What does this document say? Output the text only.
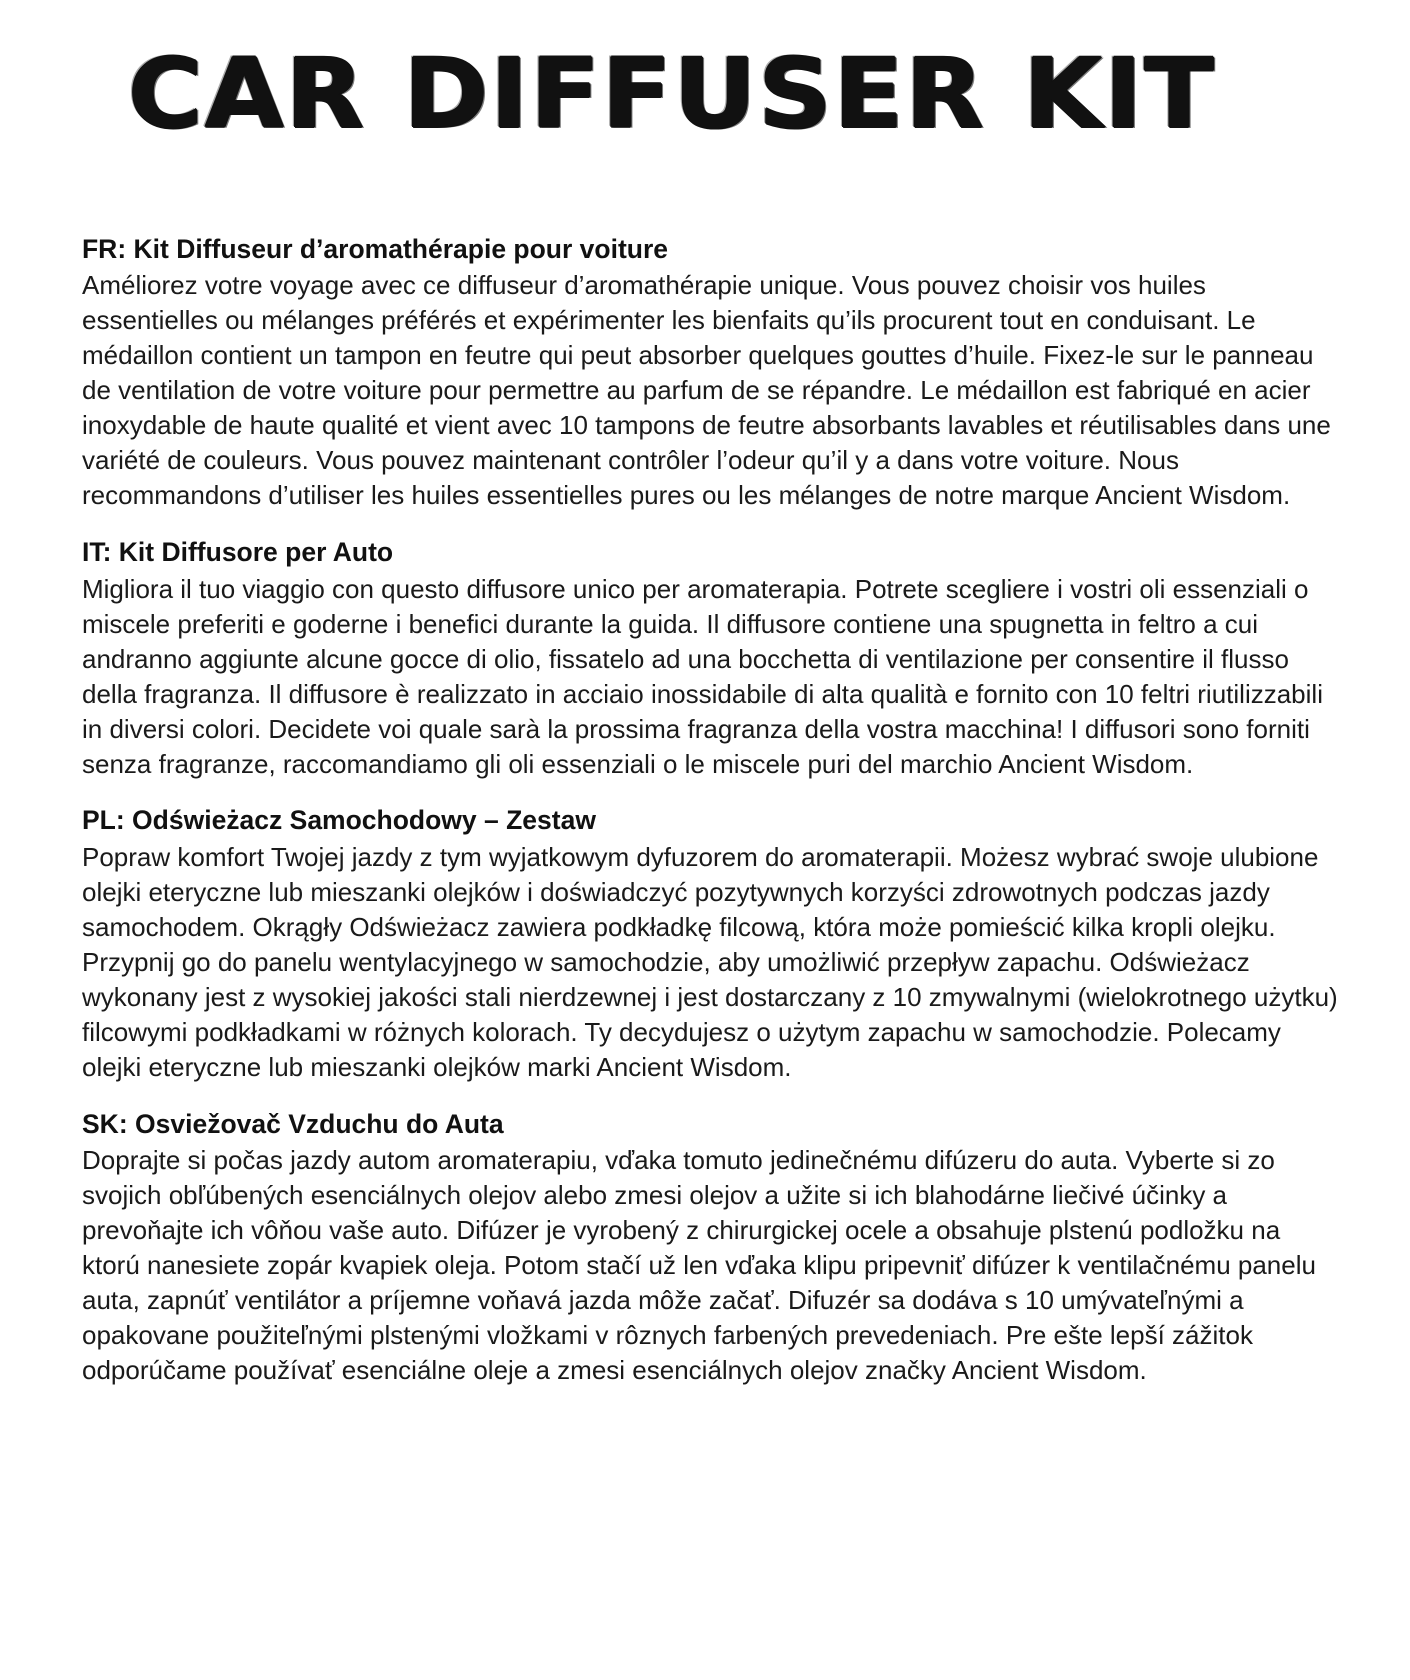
CAR DIFFUSER KIT

FR: Kit Diffuseur d’aromathérapie pour voiture

Améliorez votre voyage avec ce diffuseur d’aromathérapie unique. Vous pouvez choisir vos huiles essentielles ou mélanges préférés et expérimenter les bienfaits qu’ils procurent tout en conduisant. Le médaillon contient un tampon en feutre qui peut absorber quelques gouttes d’huile. Fixez-le sur le panneau de ventilation de votre voiture pour permettre au parfum de se répandre. Le médaillon est fabriqué en acier inoxydable de haute qualité et vient avec 10 tampons de feutre absorbants lavables et réutilisables dans une variété de couleurs. Vous pouvez maintenant contrôler l’odeur qu’il y a dans votre voiture. Nous recommandons d’utiliser les huiles essentielles pures ou les mélanges de notre marque Ancient Wisdom.

IT: Kit Diffusore per Auto

Migliora il tuo viaggio con questo diffusore unico per aromaterapia. Potrete scegliere i vostri oli essenziali o miscele preferiti e goderne i benefici durante la guida. Il diffusore contiene una spugnetta in feltro a cui andranno aggiunte alcune gocce di olio, fissatelo ad una bocchetta di ventilazione per consentire il flusso della fragranza. Il diffusore è realizzato in acciaio inossidabile di alta qualità e fornito con 10 feltri riutilizzabili in diversi colori. Decidete voi quale sarà la prossima fragranza della vostra macchina! I diffusori sono forniti senza fragranze, raccomandiamo gli oli essenziali o le miscele puri del marchio Ancient Wisdom.

PL: Odświeżacz Samochodowy – Zestaw

Popraw komfort Twojej jazdy z tym wyjatkowym dyfuzorem do aromaterapii. Możesz wybrać swoje ulubione olejki eteryczne lub mieszanki olejków i doświadczyć pozytywnych korzyści zdrowotnych podczas jazdy samochodem. Okrągły Odświeżacz zawiera podkładkę filcową, która może pomieścić kilka kropli olejku. Przypnij go do panelu wentylacyjnego w samochodzie, aby umożliwić przepływ zapachu. Odświeżacz wykonany jest z wysokiej jakości stali nierdzewnej i jest dostarczany z 10 zmywalnymi (wielokrotnego użytku) filcowymi podkładkami w różnych kolorach. Ty decydujesz o użytym zapachu w samochodzie. Polecamy olejki eteryczne lub mieszanki olejków marki Ancient Wisdom.

SK: Osviežovač Vzduchu do Auta

Doprajte si počas jazdy autom aromaterapiu, vďaka tomuto jedinečnému difúzeru do auta. Vyberte si zo svojich obľúbených esenciálnych olejov alebo zmesi olejov a užite si ich blahodárne liečivé účinky a prevoňajte ich vôňou vaše auto. Difúzer je vyrobený z chirurgickej ocele a obsahuje plstenú podložku na ktorú nanesiete zopár kvapiek oleja. Potom stačí už len vďaka klipu pripevniť difúzer k ventilačnému panelu auta, zapnúť ventilátor a príjemne voňavá jazda môže začať. Difuzér sa dodáva s 10 umývateľnými a opakovane použiteľnými plstenými vložkami v rôznych farbených prevedeniach. Pre ešte lepší zážitok odporúčame používať esenciálne oleje a zmesi esenciálnych olejov značky Ancient Wisdom.
